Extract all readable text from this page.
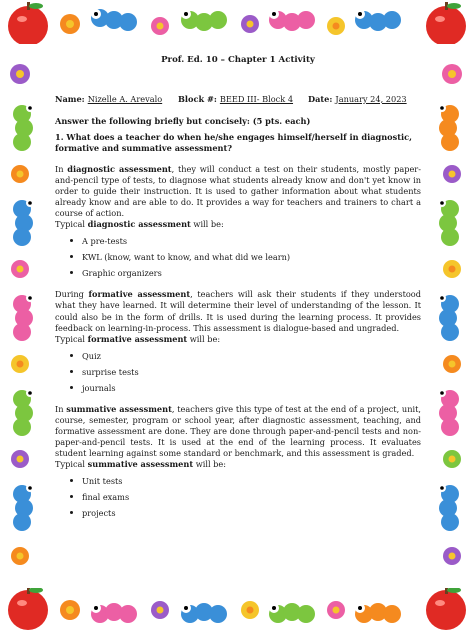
Prof. Ed. 10 – Chapter 1 Activity
Name: Nizelle A. Arevalo	Block #: BEED III- Block 4	Date: January 24, 2023

Answer the following briefly but concisely: (5 pts. each)

1. What does a teacher do when he/she engages himself/herself in diagnostic, formative and summative assessment?

In diagnostic assessment, they will conduct a test on their students, mostly paper-and-pencil type of tests, to diagnose what students already know and don't yet know in order to guide their instruction. It is used to gather information about what students already know and are able to do. It provides a way for teachers and trainers to chart a course of action.

Typical diagnostic assessment will be:

A pre-tests
KWL (know, want to know, and what did we learn)
Graphic organizers

During formative assessment, teachers will ask their students if they understood what they have learned. It will determine their level of understanding of the lesson. It could also be in the form of drills. It is used during the learning process. It provides feedback on learning-in-process. This assessment is dialogue-based and ungraded.

Typical formative assessment will be:

Quiz
surprise tests
journals

In summative assessment, teachers give this type of test at the end of a project, unit, course, semester, program or school year, after diagnostic assessment, teaching, and formative assessment are done. They are done through paper-and-pencil tests and non-paper-and-pencil tests. It is used at the end of the learning process. It evaluates student learning against some standard or benchmark, and this assessment is graded.

Typical summative assessment will be:

Unit tests
final exams
projects
